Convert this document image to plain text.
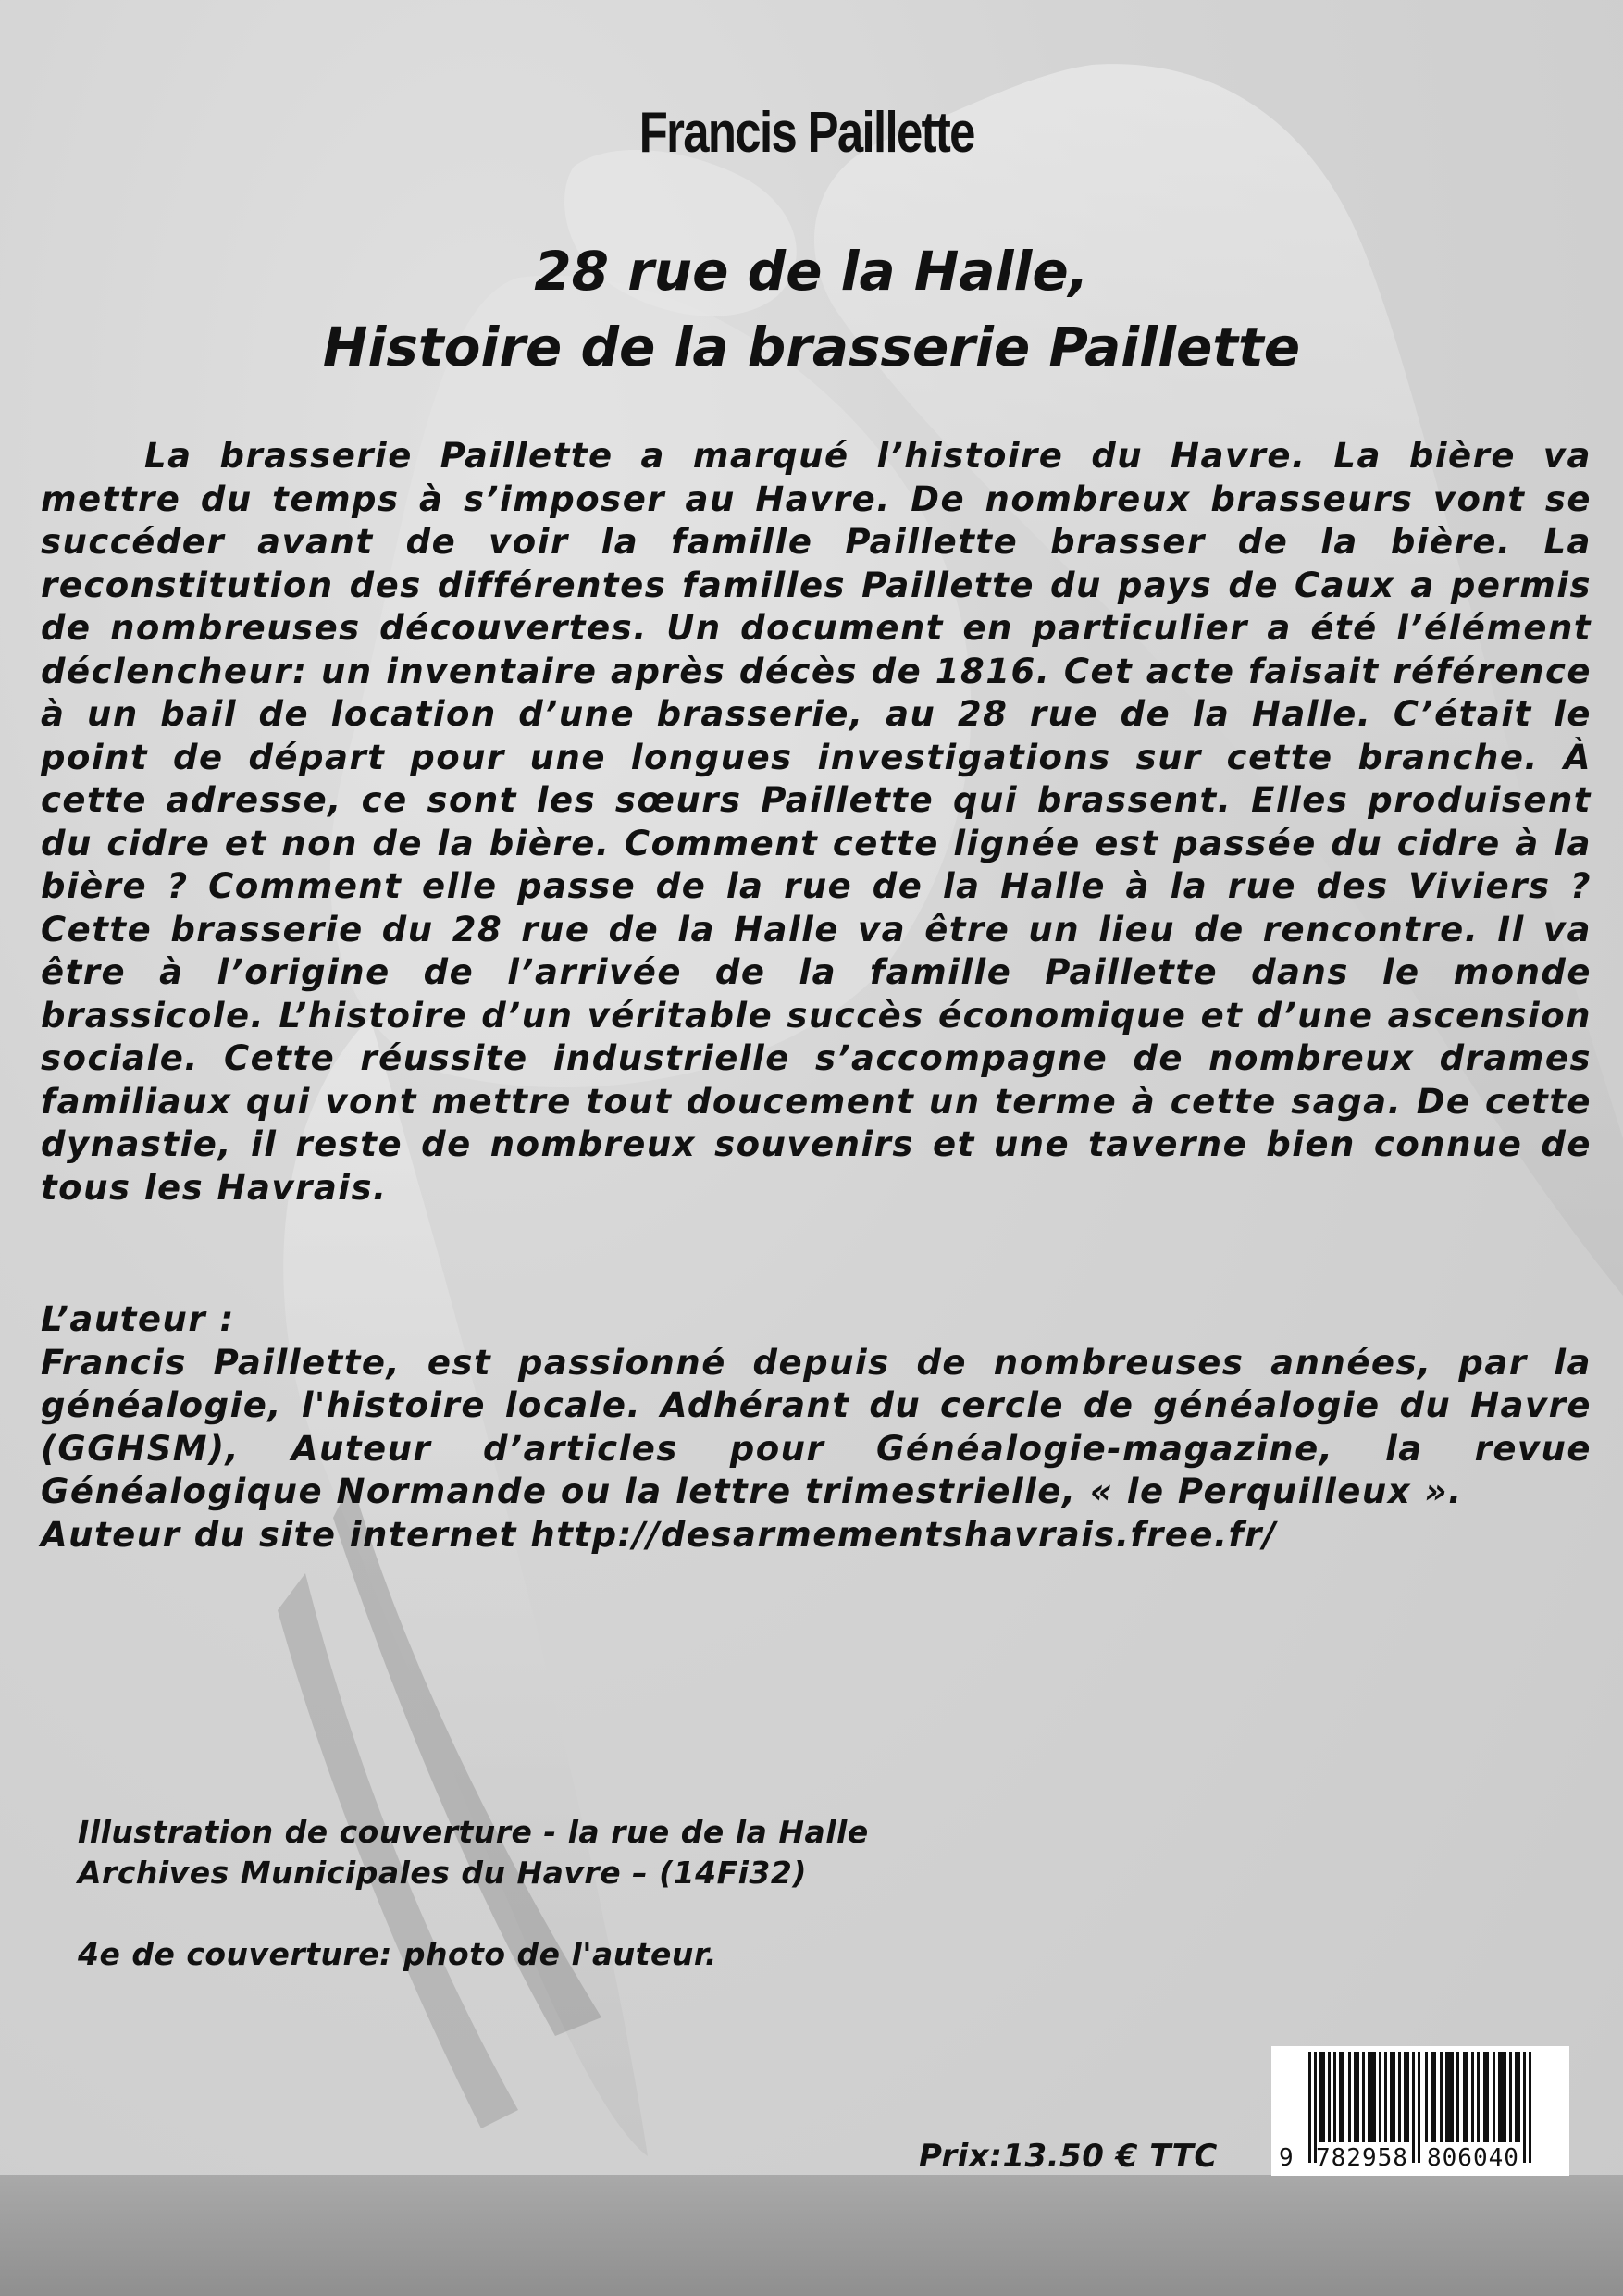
Francis Paillette
28 rue de la Halle,
Histoire de la brasserie Paillette

La brasserie Paillette a marqué l’histoire du Havre. La bière va mettre du temps à s’imposer au Havre. De nombreux brasseurs vont se succéder avant de voir la famille Paillette brasser de la bière. La reconstitution des différentes familles Paillette du pays de Caux a permis de nombreuses découvertes. Un document en particulier a été l’élément déclencheur: un inventaire après décès de 1816. Cet acte faisait référence à un bail de location d’une brasserie, au 28 rue de la Halle. C’était le point de départ pour une longues investigations sur cette branche. À cette adresse, ce sont les sœurs Paillette qui brassent. Elles produisent du cidre et non de la bière. Comment cette lignée est passée du cidre à la bière ? Comment elle passe de la rue de la Halle à la rue des Viviers ? Cette brasserie du 28 rue de la Halle va être un lieu de rencontre. Il va être à l’origine de l’arrivée de la famille Paillette dans le monde brassicole. L’histoire d’un véritable succès économique et d’une ascension sociale. Cette réussite industrielle s’accompagne de nombreux drames familiaux qui vont mettre tout doucement un terme à cette saga. De cette dynastie, il reste de nombreux souvenirs et une taverne bien connue de tous les Havrais.

L’auteur :
Francis Paillette, est passionné depuis de nombreuses années, par la généalogie, l'histoire locale. Adhérant du cercle de généalogie du Havre (GGHSM), Auteur d’articles pour Généalogie-magazine, la revue Généalogique Normande ou la lettre trimestrielle, « le Perquilleux ».
Auteur du site internet http://desarmementshavrais.free.fr/
Illustration de couverture - la rue de la Halle
Archives Municipales du Havre – (14Fi32)
4e de couverture: photo de l'auteur.
Prix:13.50 € TTC	9 782958 806040
